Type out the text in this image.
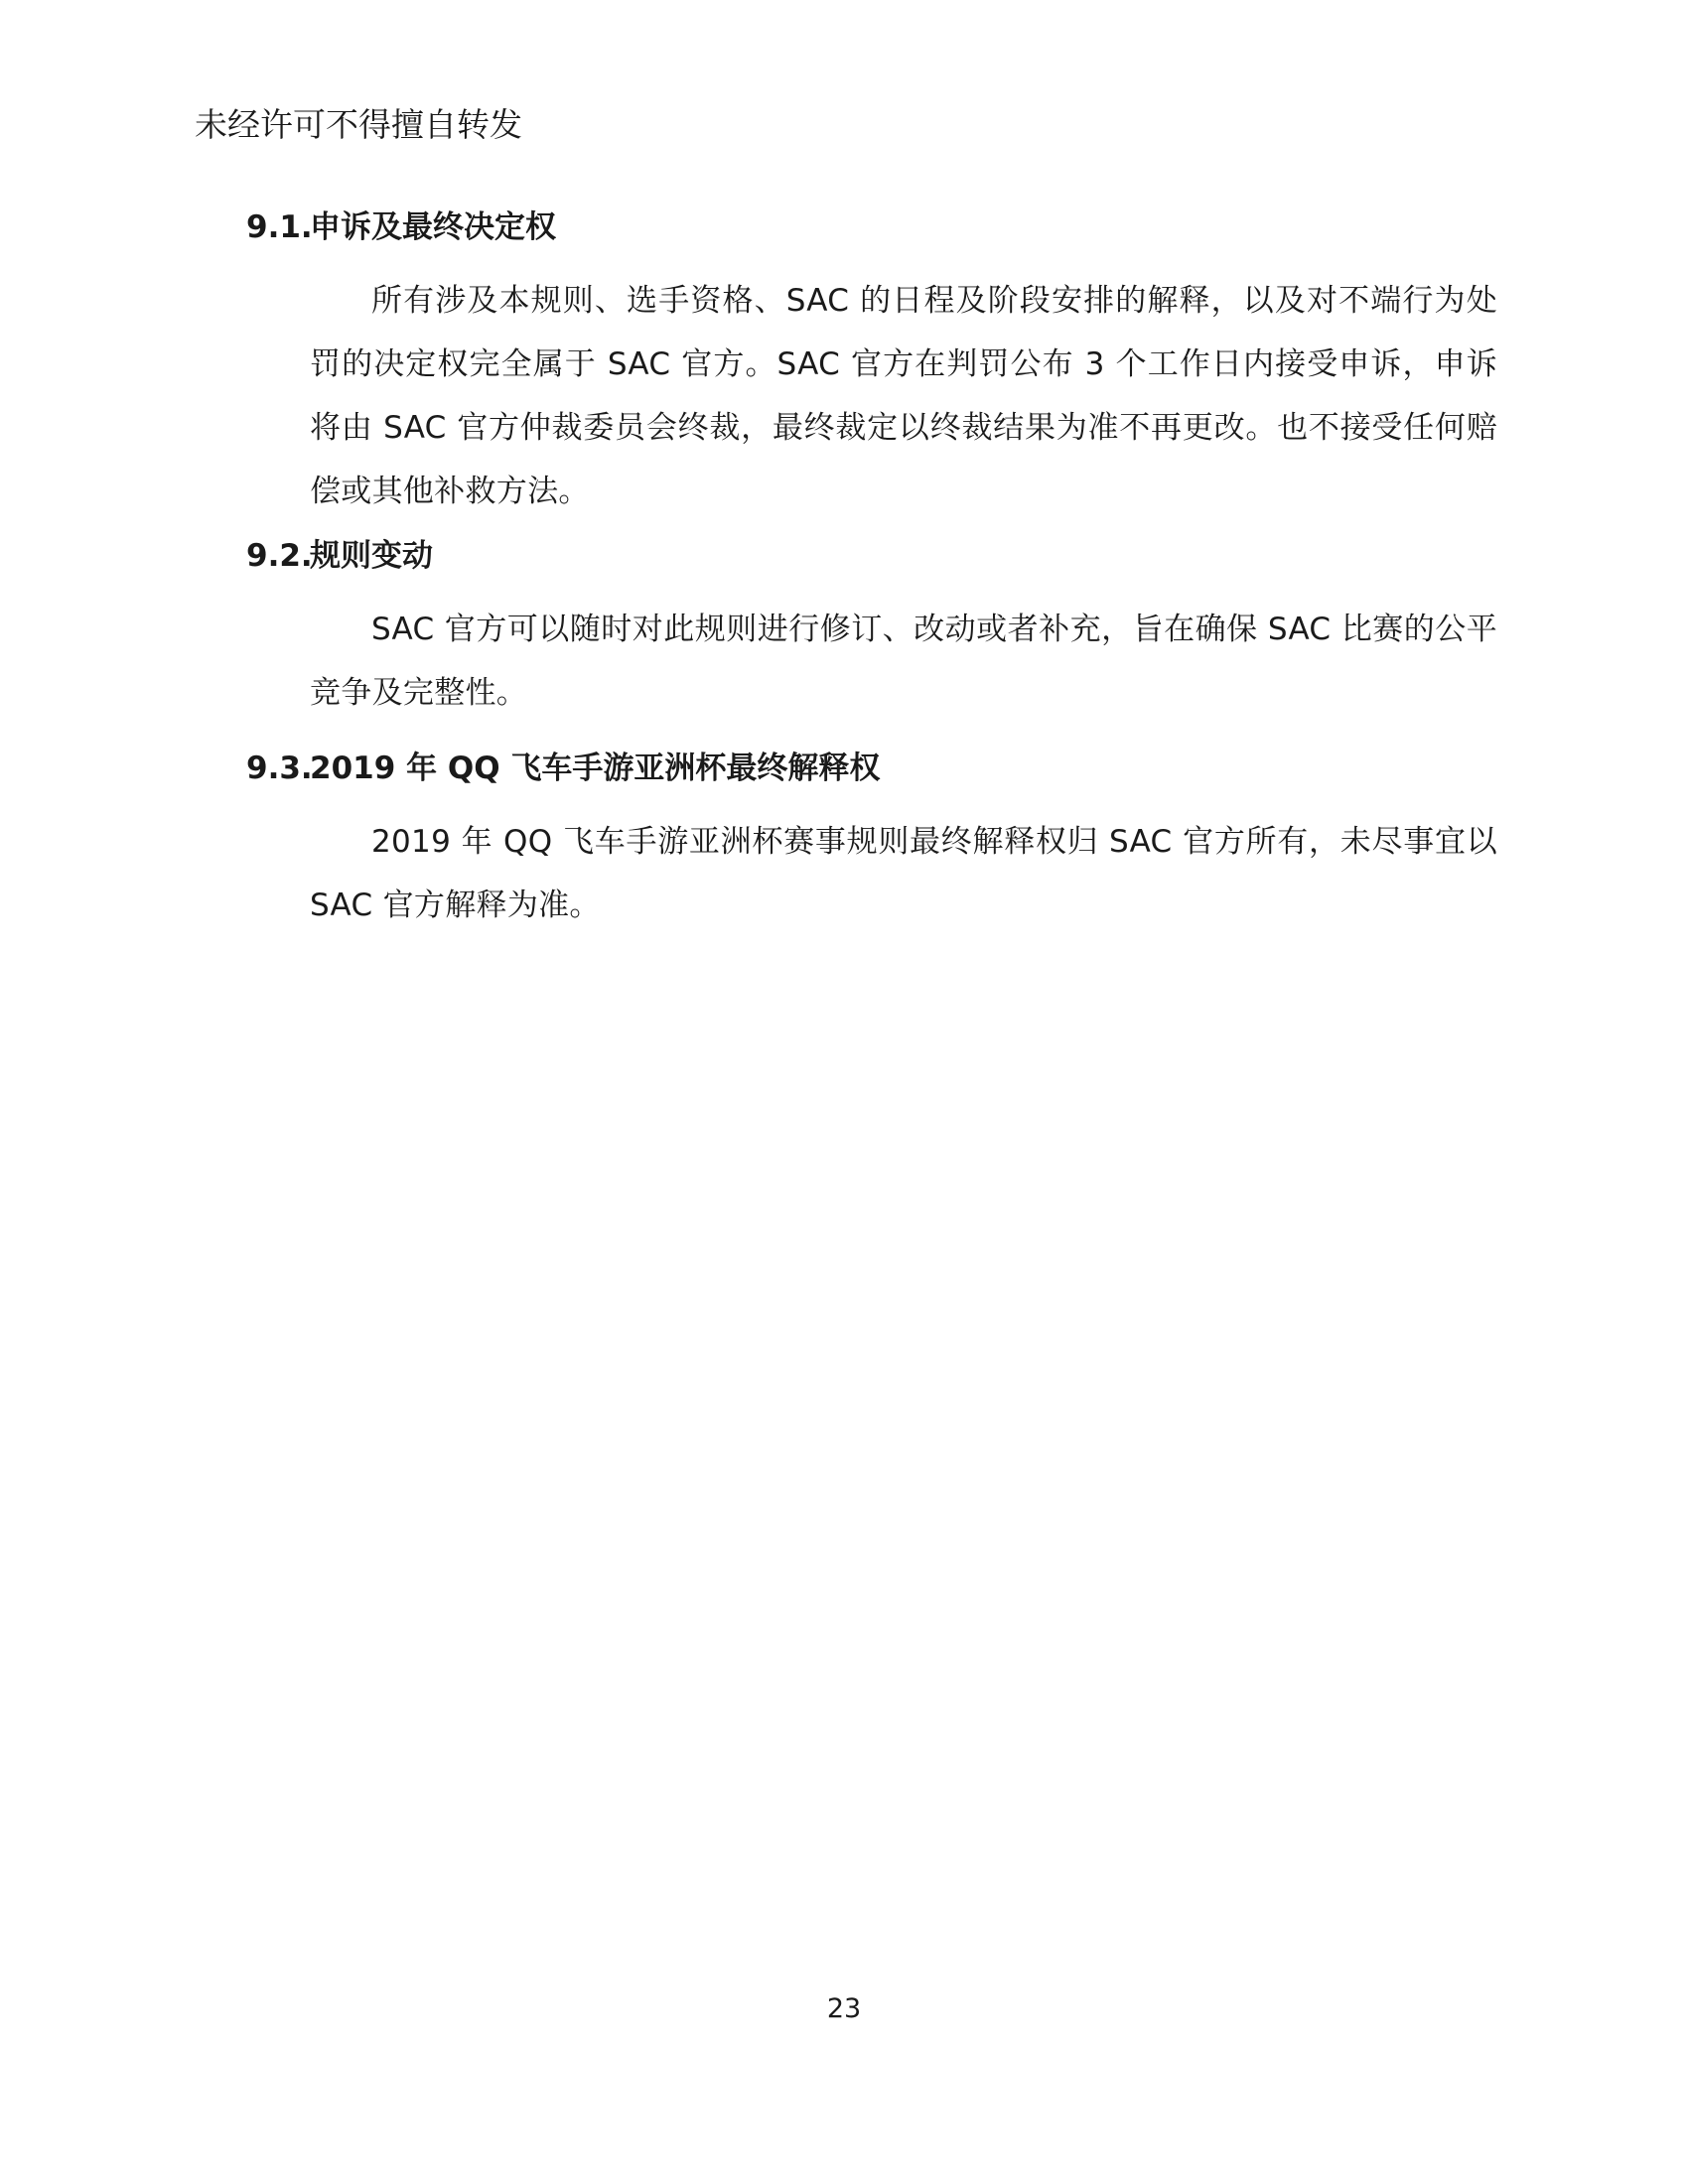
未经许可不得擅自转发
9.1.申诉及最终决定权
所有涉及本规则、选手资格、SAC 的日程及阶段安排的解释，以及对不端行为处罚的决定权完全属于 SAC 官方。SAC 官方在判罚公布 3 个工作日内接受申诉，申诉将由 SAC 官方仲裁委员会终裁，最终裁定以终裁结果为准不再更改。也不接受任何赔偿或其他补救方法。
9.2.规则变动
SAC 官方可以随时对此规则进行修订、改动或者补充，旨在确保 SAC 比赛的公平竞争及完整性。
9.3.2019 年 QQ 飞车手游亚洲杯最终解释权
2019 年 QQ 飞车手游亚洲杯赛事规则最终解释权归 SAC 官方所有，未尽事宜以 SAC 官方解释为准。
23
